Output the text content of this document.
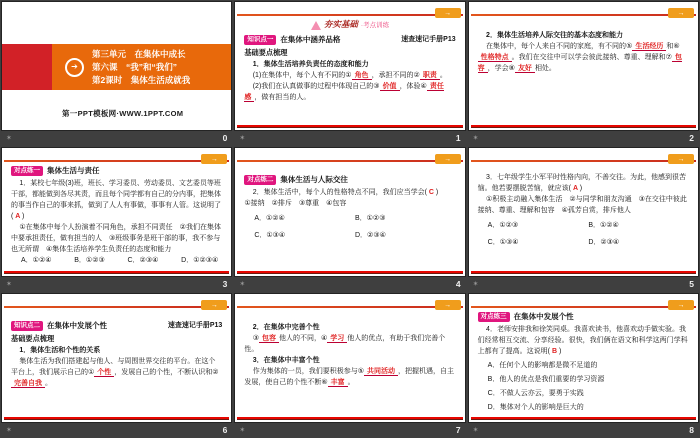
➔
第三单元　在集体中成长
第六课　“我”和“我们”
第2课时　集体生活成就我
第一PPT模板网·WWW.1PPT.COM
✶	0
→
夯实基础 ·考点训练
知识点一 在集体中涵养品格	速查速记手册P13
基础要点梳理
1．集体生活培养负责任的态度和能力

(1)在集体中，每个人有不同的① 角色 ，承担不同的② 职责 。

(2)我们在认真做事的过程中体现自己的③ 价值 ，体验④ 责任感 ，做有担当的人。

✶	1
→
2．集体生活培养人际交往的基本态度和能力

在集体中，每个人来自不同的家庭，有不同的⑤ 生活经历 和⑥性格特点 。我们在交往中可以学会彼此接纳、尊重、理解和⑦ 包容 ，学会⑧ 友好 相处。

✶	2
→
对点练一 集体生活与责任

1．某校七年级(3)班，班长、学习委员、劳动委员、文艺委员等班干部，都能做到各尽其责，而且每个同学都有自己的分内事，把集体的事当作自己的事来抓，做到了人人有事做，事事有人管。这说明了( A )

①在集体中每个人扮演着不同角色，承担不同责任　②我们在集体中要承担责任，做有担当的人　③班级事务是班干部的事，我不参与也无所谓　④集体生活培养学生负责任的态度和能力

A．①②④	B．①②③	C．②③④	D．①②③④
✶	3
→
对点练二 集体生活与人际交往

2．集体生活中，每个人的性格特点不同，我们应当学会( C )

①接纳　②排斥　③尊重　④包容

A．①②④	B．①②③
C．①③④	D．②③④
✶	4
→

3．七年级学生小军平时性格内向，不善交往。为此，他感到很苦恼。他若要摆脱苦恼，就应该( A )

①积极主动融入集体生活　②与同学和朋友沟通　③在交往中彼此接纳、尊重、理解和包容　④孤芳自赏，排斥他人

A．①②③	B．①②④
C．①③④	D．②③④
✶	5
→
知识点二 在集体中发展个性	速查速记手册P13
基础要点梳理
1．集体生活和个性的关系

集体生活为我们搭建起与他人、与周围世界交往的平台。在这个平台上，我们展示自己的① 个性 ，发展自己的个性，不断认识和②完善自我 。

✶	6
→
2．在集体中完善个性

③ 包容 他人的不同，④ 学习 他人的优点，有助于我们完善个性。

3．在集体中丰富个性

作为集体的一员，我们要积极参与⑤ 共同活动 ，把握机遇，自主发展，使自己的个性不断⑥ 丰富 。

✶	7
→
对点练三 在集体中发展个性

4．老师安排我和徐笑同桌。我喜欢读书，他喜欢动手做实验。我们经常相互交流、分享经验。很快，我们俩在语文和科学这两门学科上都有了提高。这说明( B )

A．任何个人的影响都是微不足道的
B．他人的优点是我们重要的学习资源
C．不做人云亦云，要勇于实践
D．集体对个人的影响是巨大的
✶	8
